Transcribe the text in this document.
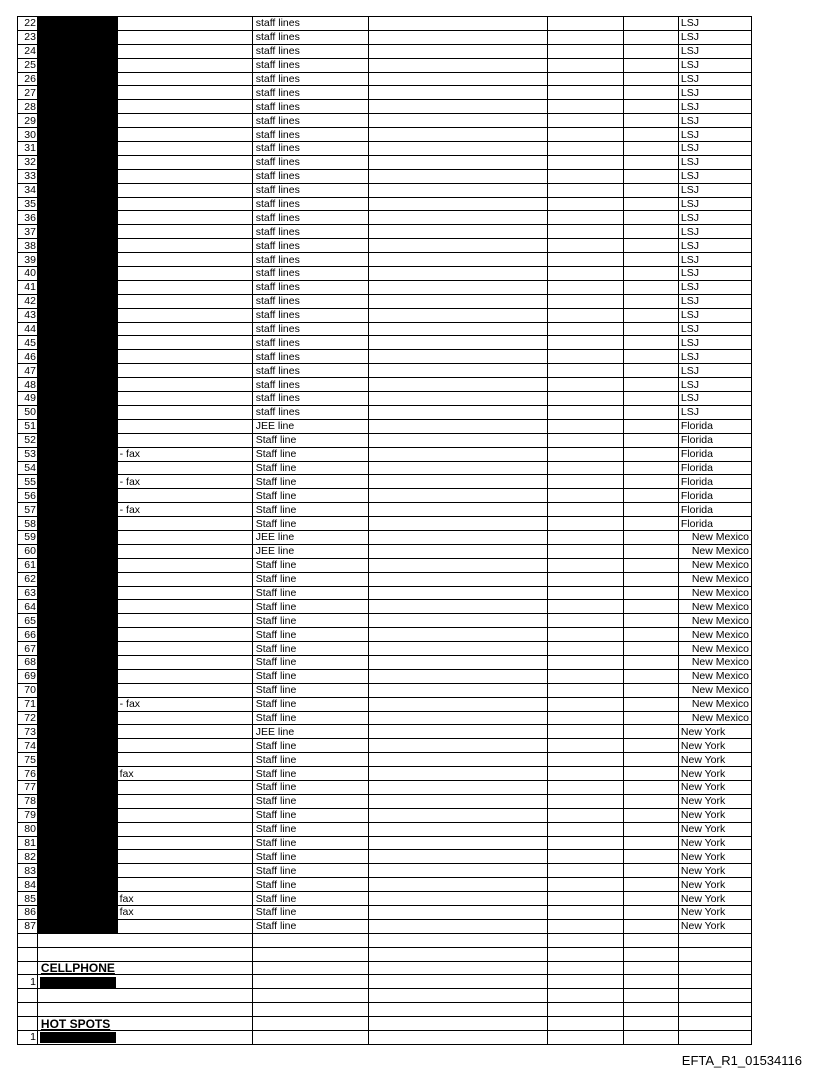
22			staff lines				LSJ
23			staff lines				LSJ
24			staff lines				LSJ
25			staff lines				LSJ
26			staff lines				LSJ
27			staff lines				LSJ
28			staff lines				LSJ
29			staff lines				LSJ
30			staff lines				LSJ
31			staff lines				LSJ
32			staff lines				LSJ
33			staff lines				LSJ
34			staff lines				LSJ
35			staff lines				LSJ
36			staff lines				LSJ
37			staff lines				LSJ
38			staff lines				LSJ
39			staff lines				LSJ
40			staff lines				LSJ
41			staff lines				LSJ
42			staff lines				LSJ
43			staff lines				LSJ
44			staff lines				LSJ
45			staff lines				LSJ
46			staff lines				LSJ
47			staff lines				LSJ
48			staff lines				LSJ
49			staff lines				LSJ
50			staff lines				LSJ
51			JEE line				Florida
52			Staff line				Florida
53		- fax	Staff line				Florida
54			Staff line				Florida
55		- fax	Staff line				Florida
56			Staff line				Florida
57		- fax	Staff line				Florida
58			Staff line				Florida
59			JEE line				New Mexico
60			JEE line				New Mexico
61			Staff line				New Mexico
62			Staff line				New Mexico
63			Staff line				New Mexico
64			Staff line				New Mexico
65			Staff line				New Mexico
66			Staff line				New Mexico
67			Staff line				New Mexico
68			Staff line				New Mexico
69			Staff line				New Mexico
70			Staff line				New Mexico
71		- fax	Staff line				New Mexico
72			Staff line				New Mexico
73			JEE line				New York
74			Staff line				New York
75			Staff line				New York
76		fax	Staff line				New York
77			Staff line				New York
78			Staff line				New York
79			Staff line				New York
80			Staff line				New York
81			Staff line				New York
82			Staff line				New York
83			Staff line				New York
84			Staff line				New York
85		fax	Staff line				New York
86		fax	Staff line				New York
87			Staff line				New York

	CELLPHONE						
1							

	HOT SPOTS						
1							
EFTA_R1_01534116
